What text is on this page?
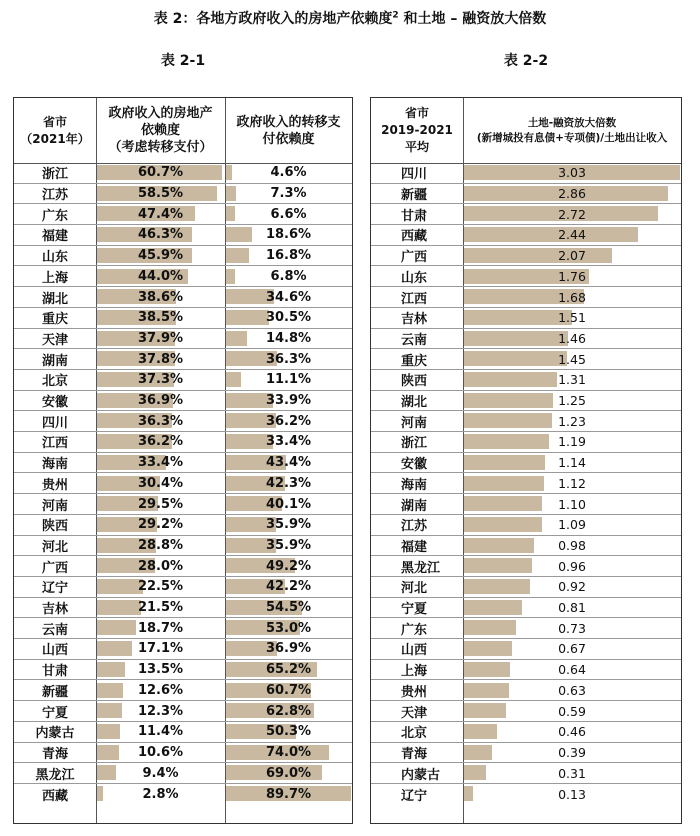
表 2：各地方政府收入的房地产依赖度$^2$ 和土地 – 融资放大倍数
表 2-1	表 2-2
省市
（2021年）
政府收入的房地产
依赖度
（考虑转移支付）
政府收入的转移支
付依赖度
浙江	60.7%	4.6%
江苏	58.5%	7.3%
广东	47.4%	6.6%
福建	46.3%	18.6%
山东	45.9%	16.8%
上海	44.0%	6.8%
湖北	38.6%	34.6%
重庆	38.5%	30.5%
天津	37.9%	14.8%
湖南	37.8%	36.3%
北京	37.3%	11.1%
安徽	36.9%	33.9%
四川	36.3%	36.2%
江西	36.2%	33.4%
海南	33.4%	43.4%
贵州	30.4%	42.3%
河南	29.5%	40.1%
陕西	29.2%	35.9%
河北	28.8%	35.9%
广西	28.0%	49.2%
辽宁	22.5%	42.2%
吉林	21.5%	54.5%
云南	18.7%	53.0%
山西	17.1%	36.9%
甘肃	13.5%	65.2%
新疆	12.6%	60.7%
宁夏	12.3%	62.8%
内蒙古	11.4%	50.3%
青海	10.6%	74.0%
黑龙江	9.4%	69.0%
西藏	2.8%	89.7%
省市
2019-2021
平均
土地-融资放大倍数
(新增城投有息债+专项债)/土地出让收入
四川	3.03
新疆	2.86
甘肃	2.72
西藏	2.44
广西	2.07
山东	1.76
江西	1.68
吉林	1.51
云南	1.46
重庆	1.45
陕西	1.31
湖北	1.25
河南	1.23
浙江	1.19
安徽	1.14
海南	1.12
湖南	1.10
江苏	1.09
福建	0.98
黑龙江	0.96
河北	0.92
宁夏	0.81
广东	0.73
山西	0.67
上海	0.64
贵州	0.63
天津	0.59
北京	0.46
青海	0.39
内蒙古	0.31
辽宁	0.13
